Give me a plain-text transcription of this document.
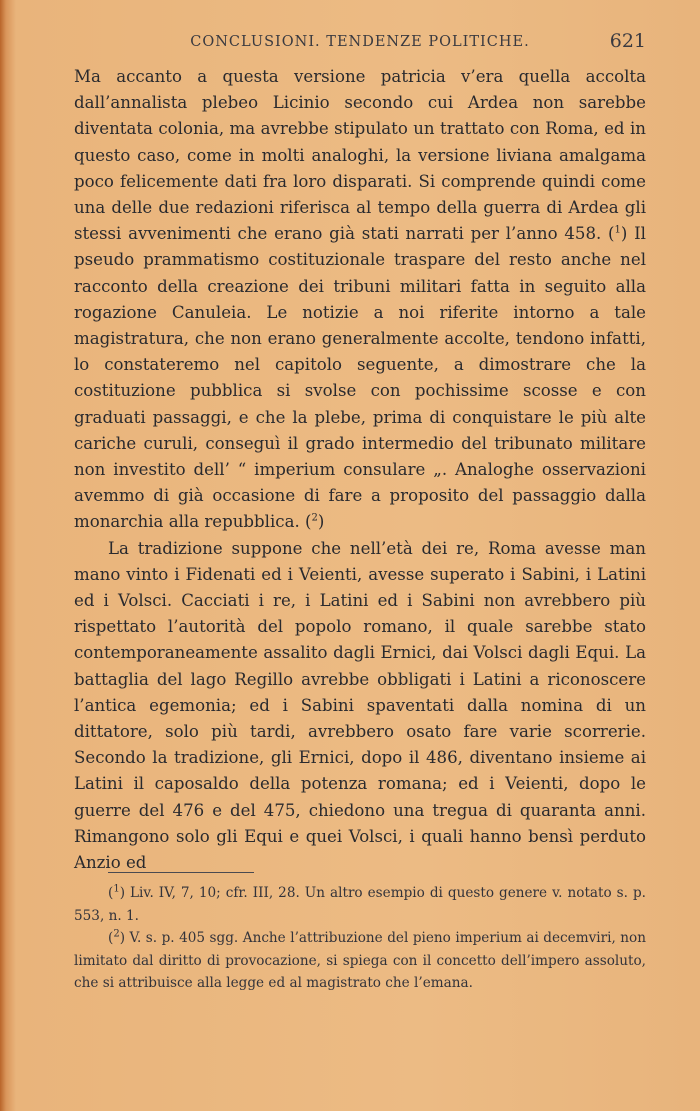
CONCLUSIONI. TENDENZE POLITICHE.	621

Ma accanto a questa versione patricia v’era quella accolta dall’annalista plebeo Licinio secondo cui Ardea non sarebbe diventata colonia, ma avrebbe stipulato un trattato con Roma, ed in questo caso, come in molti analoghi, la versione liviana amalgama poco felicemente dati fra loro disparati. Si comprende quindi come una delle due redazioni riferisca al tempo della guerra di Ardea gli stessi avvenimenti che erano già stati narrati per l’anno 458. ($^1$) Il pseudo prammatismo costituzionale traspare del resto anche nel racconto della creazione dei tribuni militari fatta in seguito alla rogazione Canuleia. Le notizie a noi riferite intorno a tale magistratura, che non erano generalmente accolte, tendono infatti, lo constateremo nel capitolo seguente, a dimostrare che la costituzione pubblica si svolse con pochissime scosse e con graduati passaggi, e che la plebe, prima di conquistare le più alte cariche curuli, conseguì il grado intermedio del tribunato militare non investito dell’ “ imperium consulare „. Analoghe osservazioni avemmo di già occasione di fare a proposito del passaggio dalla monarchia alla repubblica. ($^2$)

La tradizione suppone che nell’età dei re, Roma avesse man mano vinto i Fidenati ed i Veienti, avesse superato i Sabini, i Latini ed i Volsci. Cacciati i re, i Latini ed i Sabini non avrebbero più rispettato l’autorità del popolo romano, il quale sarebbe stato contemporaneamente assalito dagli Ernici, dai Volsci dagli Equi. La battaglia del lago Regillo avrebbe obbligati i Latini a riconoscere l’antica egemonia; ed i Sabini spaventati dalla nomina di un dittatore, solo più tardi, avrebbero osato fare varie scorrerie. Secondo la tradizione, gli Ernici, dopo il 486, diventano insieme ai Latini il caposaldo della potenza romana; ed i Veienti, dopo le guerre del 476 e del 475, chiedono una tregua di quaranta anni. Rimangono solo gli Equi e quei Volsci, i quali hanno bensì perduto Anzio ed

($^1$) Liv. IV, 7, 10; cfr. III, 28. Un altro esempio di questo genere v. notato s. p. 553, n. 1.

($^2$) V. s. p. 405 sgg. Anche l’attribuzione del pieno imperium ai decemviri, non limitato dal diritto di provocazione, si spiega con il concetto dell’impero assoluto, che si attribuisce alla legge ed al magistrato che l’emana.
